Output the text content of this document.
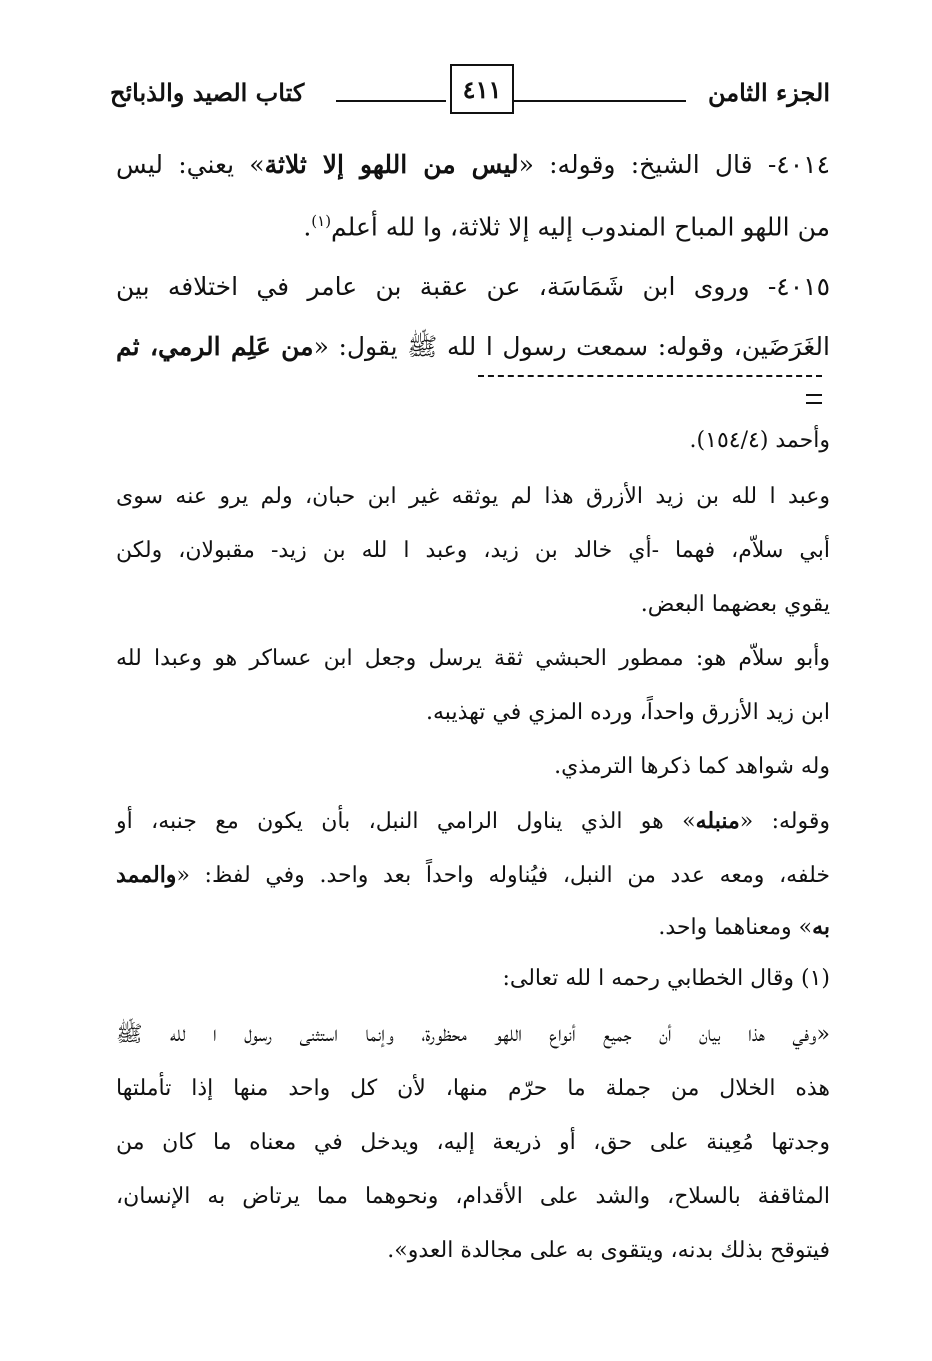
الجزء الثامن
٤١١
كتاب الصيد والذبائح
٤٠١٤- قال الشيخ: وقوله: «ليس من اللهو إلا ثلاثة» يعني: ليس
من اللهو المباح المندوب إليه إلا ثلاثة، وا لله أعلم$^{(١)}$.
٤٠١٥- وروى ابن شَمَاسَة، عن عقبة بن عامر في اختلافه بين
الغَرَضَين، وقوله: سمعت رسول ا لله ﷺ يقول: «من عَلِم الرمي، ثم
وأحمد (١٥٤/٤).
وعبد ا لله بن زيد الأزرق هذا لم يوثقه غير ابن حبان، ولم يرو عنه سوى
أبي سلاّم، فهما -أي خالد بن زيد، وعبد ا لله بن زيد- مقبولان، ولكن
يقوي بعضهما البعض.
وأبو سلاّم هو: ممطور الحبشي ثقة يرسل وجعل ابن عساكر هو وعبدا لله
ابن زيد الأزرق واحداً، ورده المزي في تهذيبه.
وله شواهد كما ذكرها الترمذي.
وقوله: «منبله» هو الذي يناول الرامي النبل، بأن يكون مع جنبه، أو
خلفه، ومعه عدد من النبل، فيُناوله واحداً بعد واحد. وفي لفظ: «والممد
به» ومعناهما واحد.
(١) وقال الخطابي رحمه ا لله تعالى:
«وفي هذا بيان أن جميع أنواع اللهو محظورة، وإنما استثنى رسول ا لله ﷺ
هذه الخلال من جملة ما حرّم منها، لأن كل واحد منها إذا تأملتها
وجدتها مُعِينة على حق، أو ذريعة إليه، ويدخل في معناه ما كان من
المثاقفة بالسلاح، والشد على الأقدام، ونحوهما مما يرتاض به الإنسان،
فيتوقح بذلك بدنه، ويتقوى به على مجالدة العدو».
